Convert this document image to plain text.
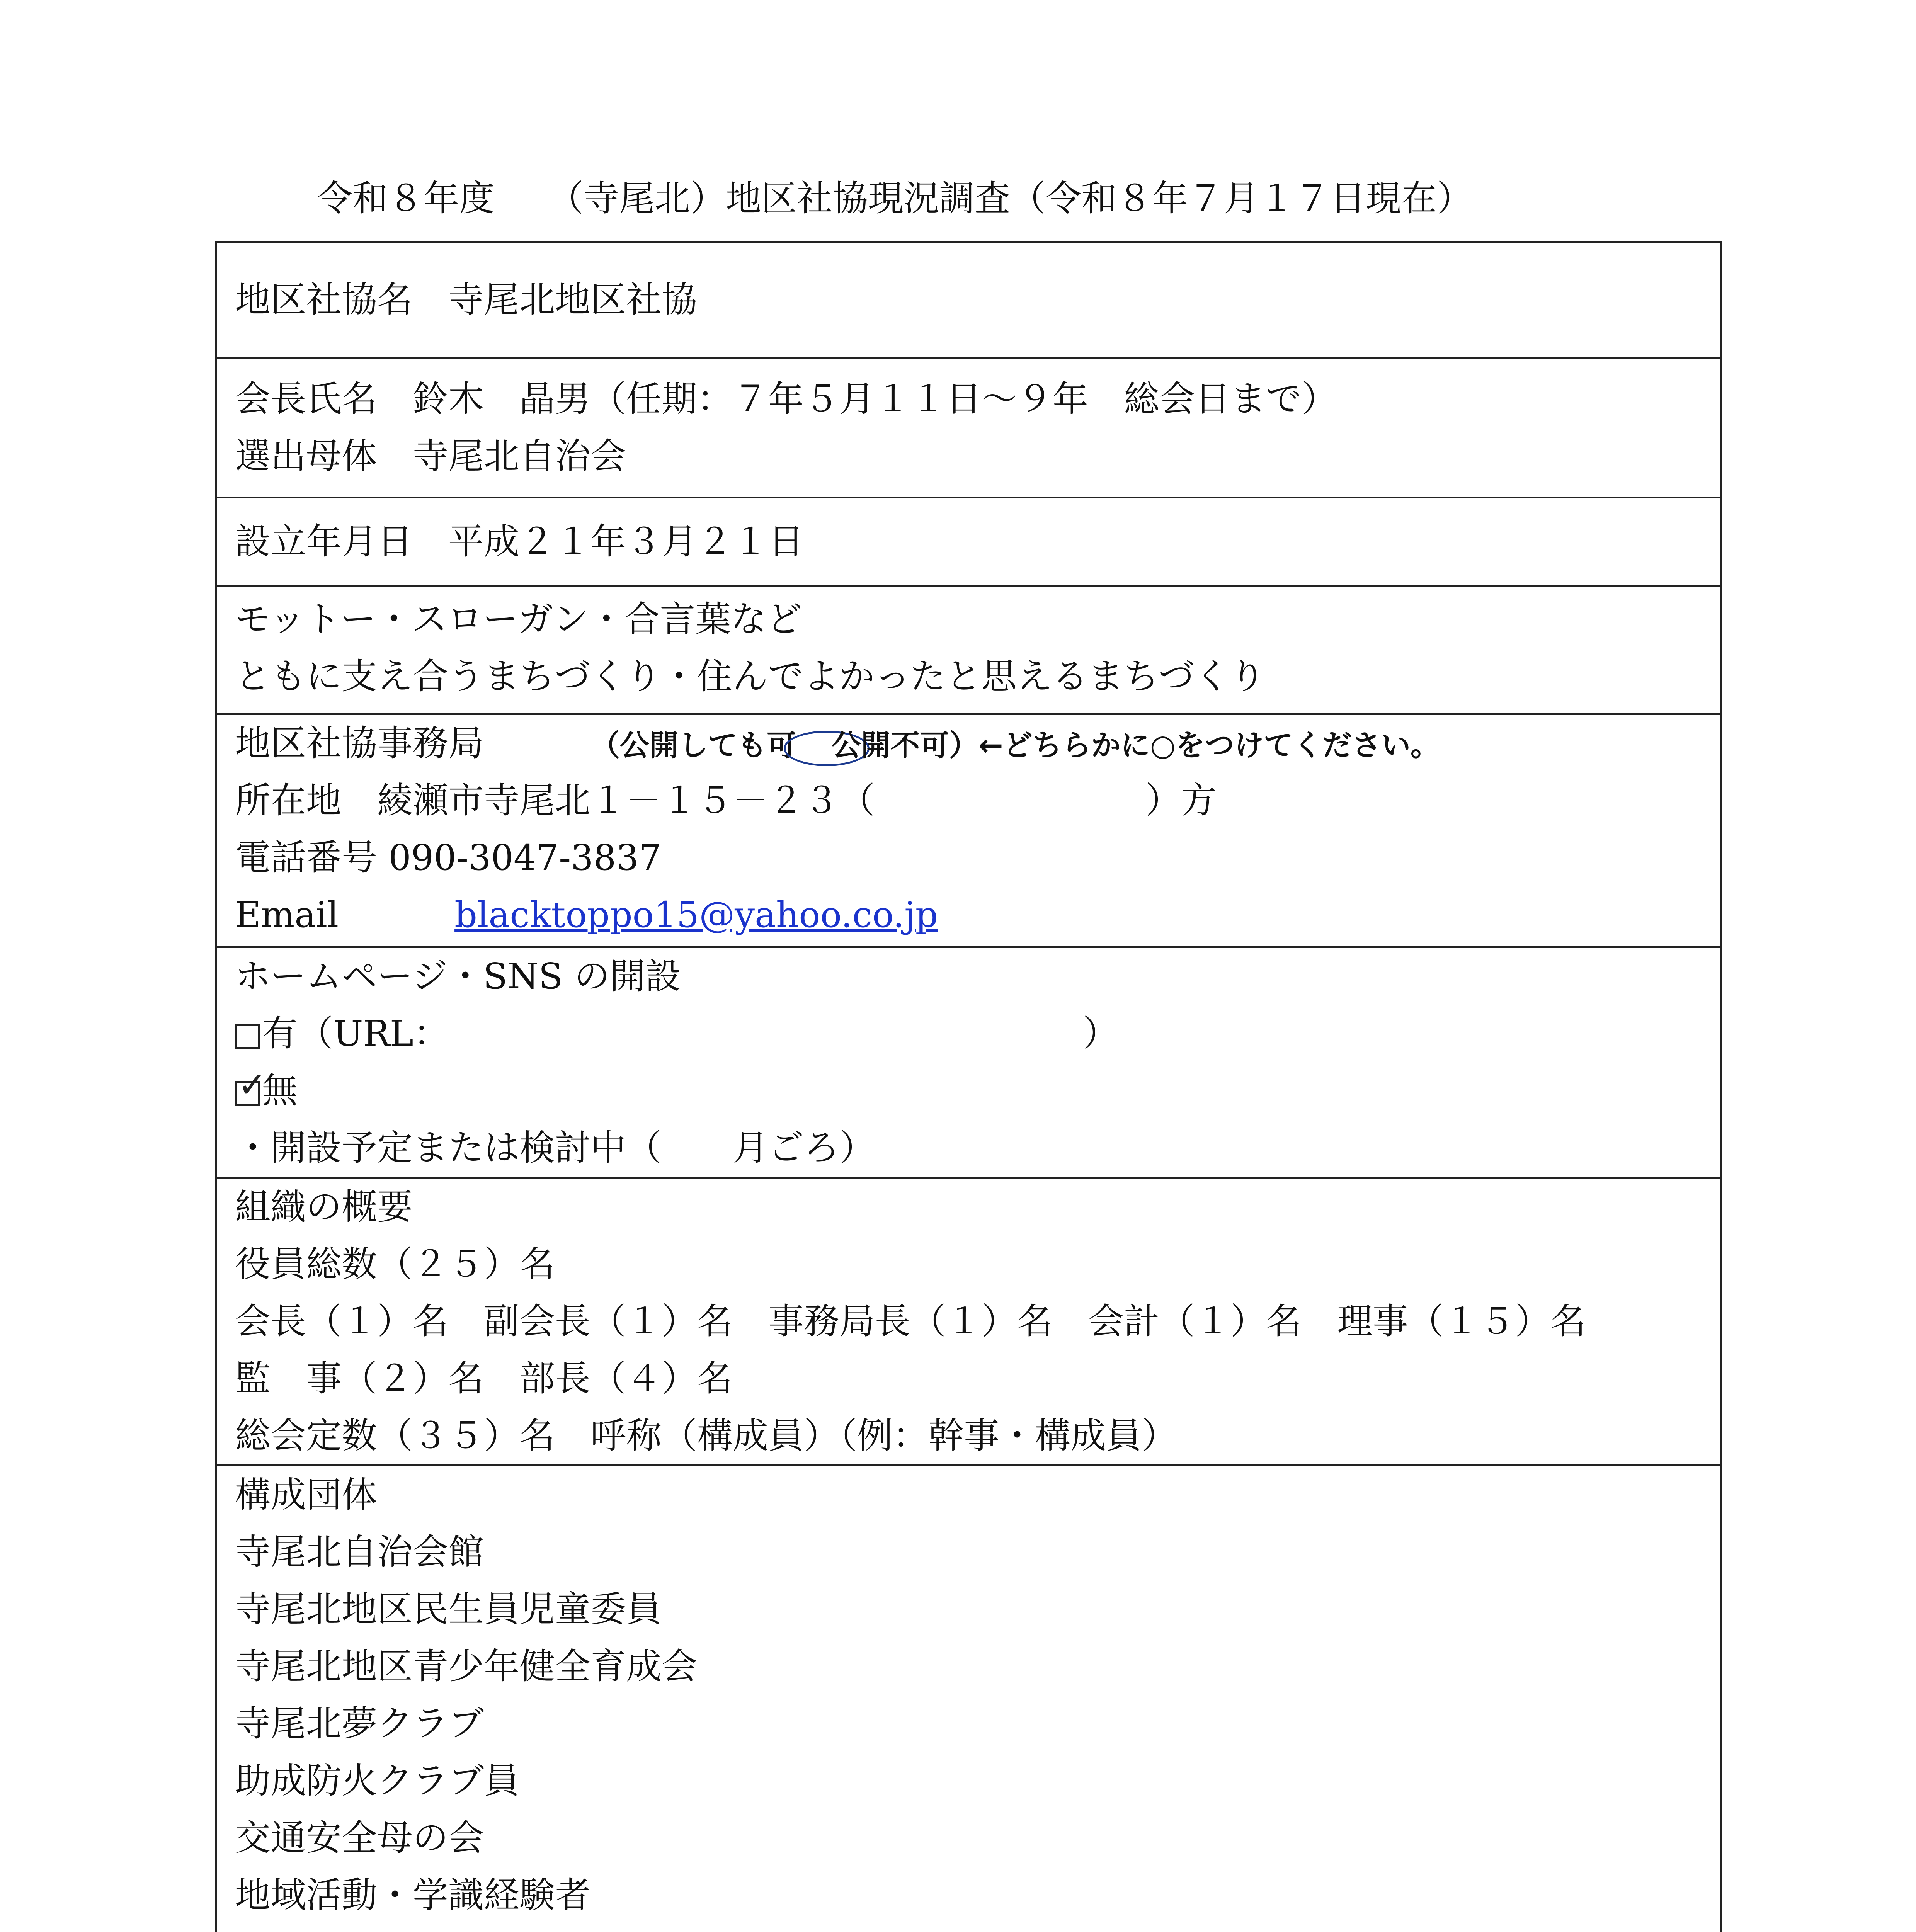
令和８年度　　（寺尾北）地区社協現況調査（令和８年７月１７日現在）
地区社協名　 寺尾北地区社協
会長氏名　 鈴木　晶男（任期：７年５月１１日～９年　総会日まで）
選出母体　 寺尾北自治会
設立年月日　 平成２１年３月２１日
モットー・スローガン・合言葉など
ともに支え合うまちづくり・住んでよかったと思えるまちづくり
地区社協事務局　　　	（公開しても可
　 公開不可）←どちらかに○をつけてください。
所在地　 綾瀬市寺尾北１－１５－２３（	）方
電話番号 090-3047-3837
Email	blacktoppo15@yahoo.co.jp
ホームページ・SNS の開設
有（URL：	）
✓無
・開設予定または検討中（　　月ごろ）
組織の概要
役員総数（２５）名
会長（１）名　副会長（１）名　事務局長（１）名　会計（１）名　理事（１５）名
監　事（２）名　部長（４）名
総会定数（３５）名　呼称（構成員）（例：幹事・構成員）
構成団体
寺尾北自治会館
寺尾北地区民生員児童委員
寺尾北地区青少年健全育成会
寺尾北夢クラブ
助成防火クラブ員
交通安全母の会
地域活動・学識経験者
